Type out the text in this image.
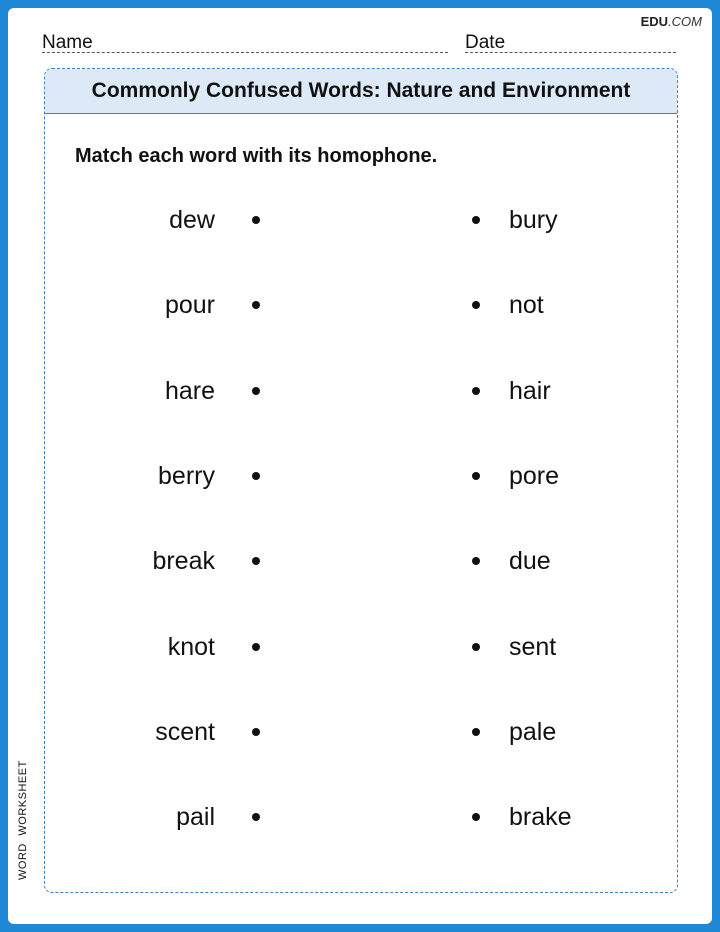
EDU.COM
Name	Date
WORD WORKSHEET
Commonly Confused Words: Nature and Environment
Match each word with its homophone.
dew	bury
pour	not
hare	hair
berry	pore
break	due
knot	sent
scent	pale
pail	brake
